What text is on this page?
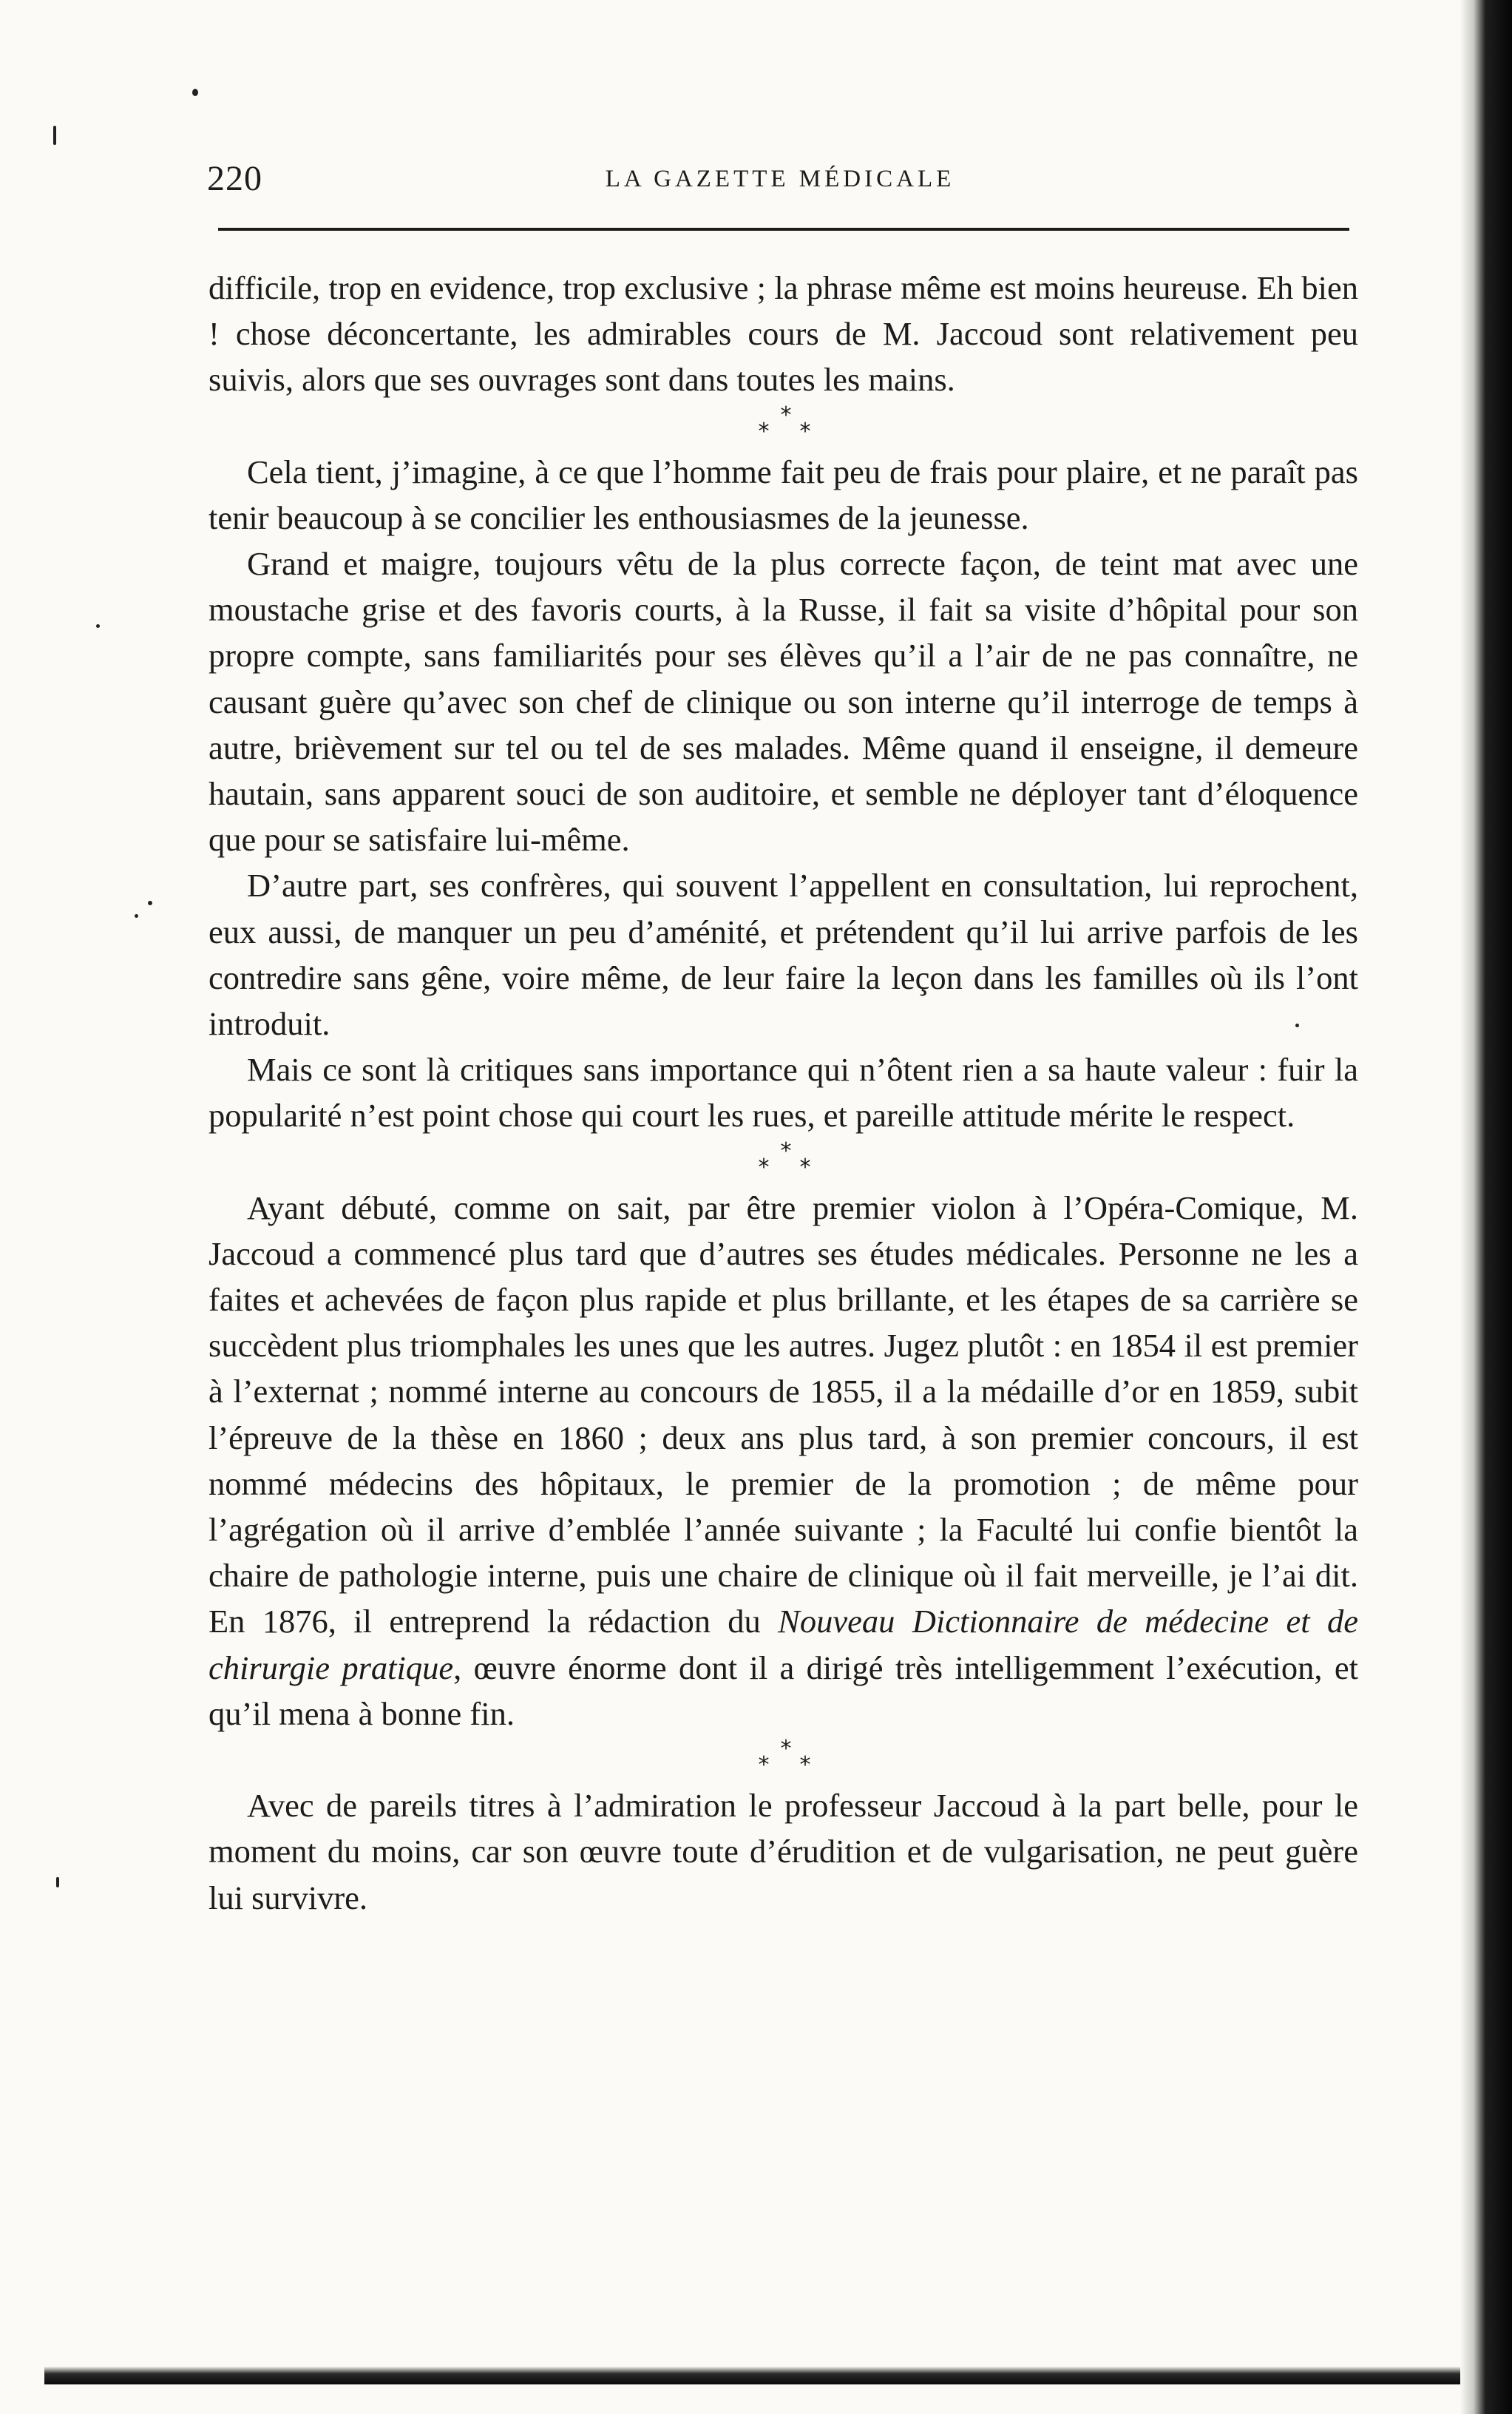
220	LA GAZETTE MÉDICALE

difficile, trop en evidence, trop exclusive ; la phrase même est moins heureuse. Eh bien ! chose déconcertante, les admirables cours de M. Jaccoud sont relativement peu suivis, alors que ses ouvrages sont dans toutes les mains.

*
* *

Cela tient, j’imagine, à ce que l’homme fait peu de frais pour plaire, et ne paraît pas tenir beaucoup à se concilier les enthousiasmes de la jeunesse.

Grand et maigre, toujours vêtu de la plus correcte façon, de teint mat avec une moustache grise et des favoris courts, à la Russe, il fait sa visite d’hôpital pour son propre compte, sans familiarités pour ses élèves qu’il a l’air de ne pas connaître, ne causant guère qu’avec son chef de clinique ou son interne qu’il interroge de temps à autre, brièvement sur tel ou tel de ses malades. Même quand il enseigne, il demeure hautain, sans apparent souci de son auditoire, et semble ne déployer tant d’éloquence que pour se satisfaire lui-même.

D’autre part, ses confrères, qui souvent l’appellent en consultation, lui reprochent, eux aussi, de manquer un peu d’aménité, et prétendent qu’il lui arrive parfois de les contredire sans gêne, voire même, de leur faire la leçon dans les familles où ils l’ont introduit.

Mais ce sont là critiques sans importance qui n’ôtent rien a sa haute valeur : fuir la popularité n’est point chose qui court les rues, et pareille attitude mérite le respect.

*
* *

Ayant débuté, comme on sait, par être premier violon à l’Opéra-Comique, M. Jaccoud a commencé plus tard que d’autres ses études médicales. Personne ne les a faites et achevées de façon plus rapide et plus brillante, et les étapes de sa carrière se succèdent plus triomphales les unes que les autres. Jugez plutôt : en 1854 il est premier à l’externat ; nommé interne au concours de 1855, il a la médaille d’or en 1859, subit l’épreuve de la thèse en 1860 ; deux ans plus tard, à son premier concours, il est nommé médecins des hôpitaux, le premier de la promotion ; de même pour l’agrégation où il arrive d’emblée l’année suivante ; la Faculté lui confie bientôt la chaire de pathologie interne, puis une chaire de clinique où il fait merveille, je l’ai dit. En 1876, il entreprend la rédaction du Nouveau Dictionnaire de médecine et de chirurgie pratique, œuvre énorme dont il a dirigé très intelligemment l’exécution, et qu’il mena à bonne fin.

*
* *

Avec de pareils titres à l’admiration le professeur Jaccoud à la part belle, pour le moment du moins, car son œuvre toute d’érudition et de vulgarisation, ne peut guère lui survivre.
